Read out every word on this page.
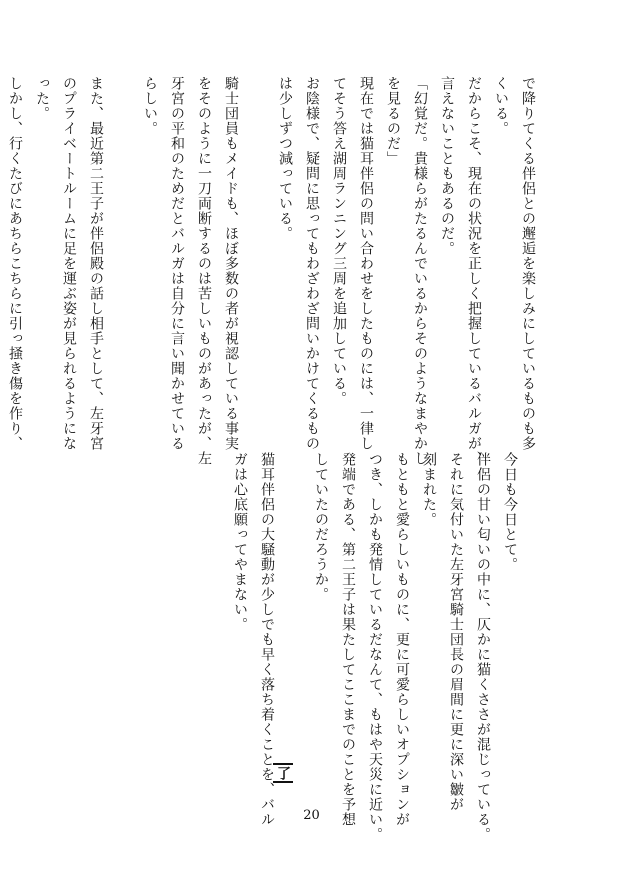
で降りてくる伴侶との邂逅を楽しみにしているものも多
くいる。
だからこそ、現在の状況を正しく把握しているバルガが、
言えないこともあるのだ。
「幻覚だ。貴様らがたるんでいるからそのようなまやかし
を見るのだ」
現在では猫耳伴侶の問い合わせをしたものには、一律し
てそう答え湖周ランニング三周を追加している。
お陰様で、疑問に思ってもわざわざ問いかけてくるもの
は少しずつ減っている。

騎士団員もメイドも、ほぼ多数の者が視認している事実
をそのように一刀両断するのは苦しいものがあったが、左
牙宮の平和のためだとバルガは自分に言い聞かせている
らしい。

また、最近第二王子が伴侶殿の話し相手として、左牙宮
のプライベートルームに足を運ぶ姿が見られるようにな
った。
しかし、行くたびにあちらこちらに引っ掻き傷を作り、
今日も今日とて。
伴侶の甘い匂いの中に、仄かに猫くささが混じっている。
それに気付いた左牙宮騎士団長の眉間に更に深い皺が
刻まれた。
もともと愛らしいものに、更に可愛らしいオプションが
つき、しかも発情しているだなんて、もはや天災に近い。
発端である、第二王子は果たしてここまでのことを予想
していたのだろうか。

猫耳伴侶の大騒動が少しでも早く落ち着くことを、バル
ガは心底願ってやまない。
了
20
